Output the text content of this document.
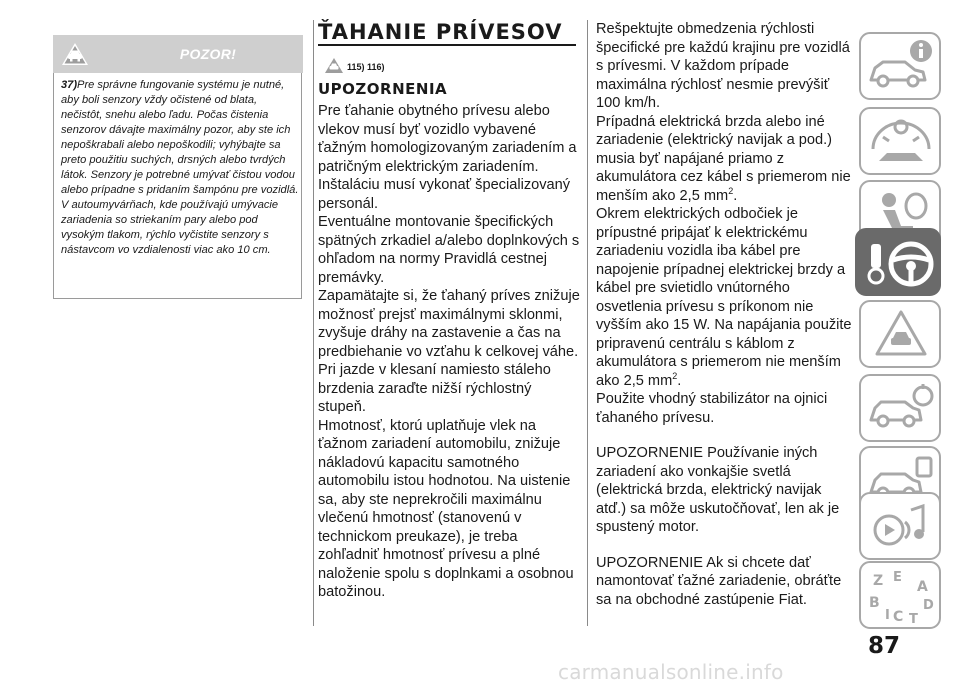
POZOR!

37)Pre správne fungovanie systému je nutné, aby boli senzory vždy očistené od blata, nečistôt, snehu alebo ľadu. Počas čistenia senzorov dávajte maximálny pozor, aby ste ich nepoškrabali alebo nepoškodili; vyhýbajte sa preto použitiu suchých, drsných alebo tvrdých látok. Senzory je potrebné umývať čistou vodou alebo prípadne s pridaním šampónu pre vozidlá. V autoumyvárňach, kde používajú umývacie zariadenia so striekaním pary alebo pod vysokým tlakom, rýchlo vyčistite senzory s nástavcom vo vzdialenosti viac ako 10 cm.

ŤAHANIE PRÍVESOV
115) 116)
UPOZORNENIA

Pre ťahanie obytného prívesu alebo vlekov musí byť vozidlo vybavené ťažným homologizovaným zariadením a patričným elektrickým zariadením. Inštaláciu musí vykonať špecializovaný personál.

Eventuálne montovanie špecifických spätných zrkadiel a/alebo doplnkových s ohľadom na normy Pravidlá cestnej premávky.

Zapamätajte si, že ťahaný príves znižuje možnosť prejsť maximálnymi sklonmi, zvyšuje dráhy na zastavenie a čas na predbiehanie vo vzťahu k celkovej váhe.

Pri jazde v klesaní namiesto stáleho brzdenia zaraďte nižší rýchlostný stupeň.

Hmotnosť, ktorú uplatňuje vlek na ťažnom zariadení automobilu, znižuje nákladovú kapacitu samotného automobilu istou hodnotou. Na uistenie sa, aby ste neprekročili maximálnu vlečenú hmotnosť (stanovenú v technickom preukaze), je treba zohľadniť hmotnosť prívesu a plné naloženie spolu s doplnkami a osobnou batožinou.

Rešpektujte obmedzenia rýchlosti špecifické pre každú krajinu pre vozidlá s prívesmi. V každom prípade maximálna rýchlosť nesmie prevýšiť 100 km/h.

Prípadná elektrická brzda alebo iné zariadenie (elektrický navijak a pod.) musia byť napájané priamo z akumulátora cez kábel s priemerom nie menším ako 2,5 $mm^2$.

Okrem elektrických odbočiek je prípustné pripájať k elektrickému zariadeniu vozidla iba kábel pre napojenie prípadnej elektrickej brzdy a kábel pre svietidlo vnútorného osvetlenia prívesu s príkonom nie vyšším ako 15 W. Na napájania použite pripravenú centrálu s káblom z akumulátora s priemerom nie menším ako 2,5 $mm^2$.

Použite vhodný stabilizátor na ojnici ťahaného prívesu.

UPOZORNENIE Používanie iných zariadení ako vonkajšie svetlá (elektrická brzda, elektrický navijak atď.) sa môže uskutočňovať, len ak je spustený motor.

UPOZORNENIE Ak si chcete dať namontovať ťažné zariadenie, obráťte sa na obchodné zastúpenie Fiat.

Z E
A
B	D
I C T
87
carmanualsonline.info
